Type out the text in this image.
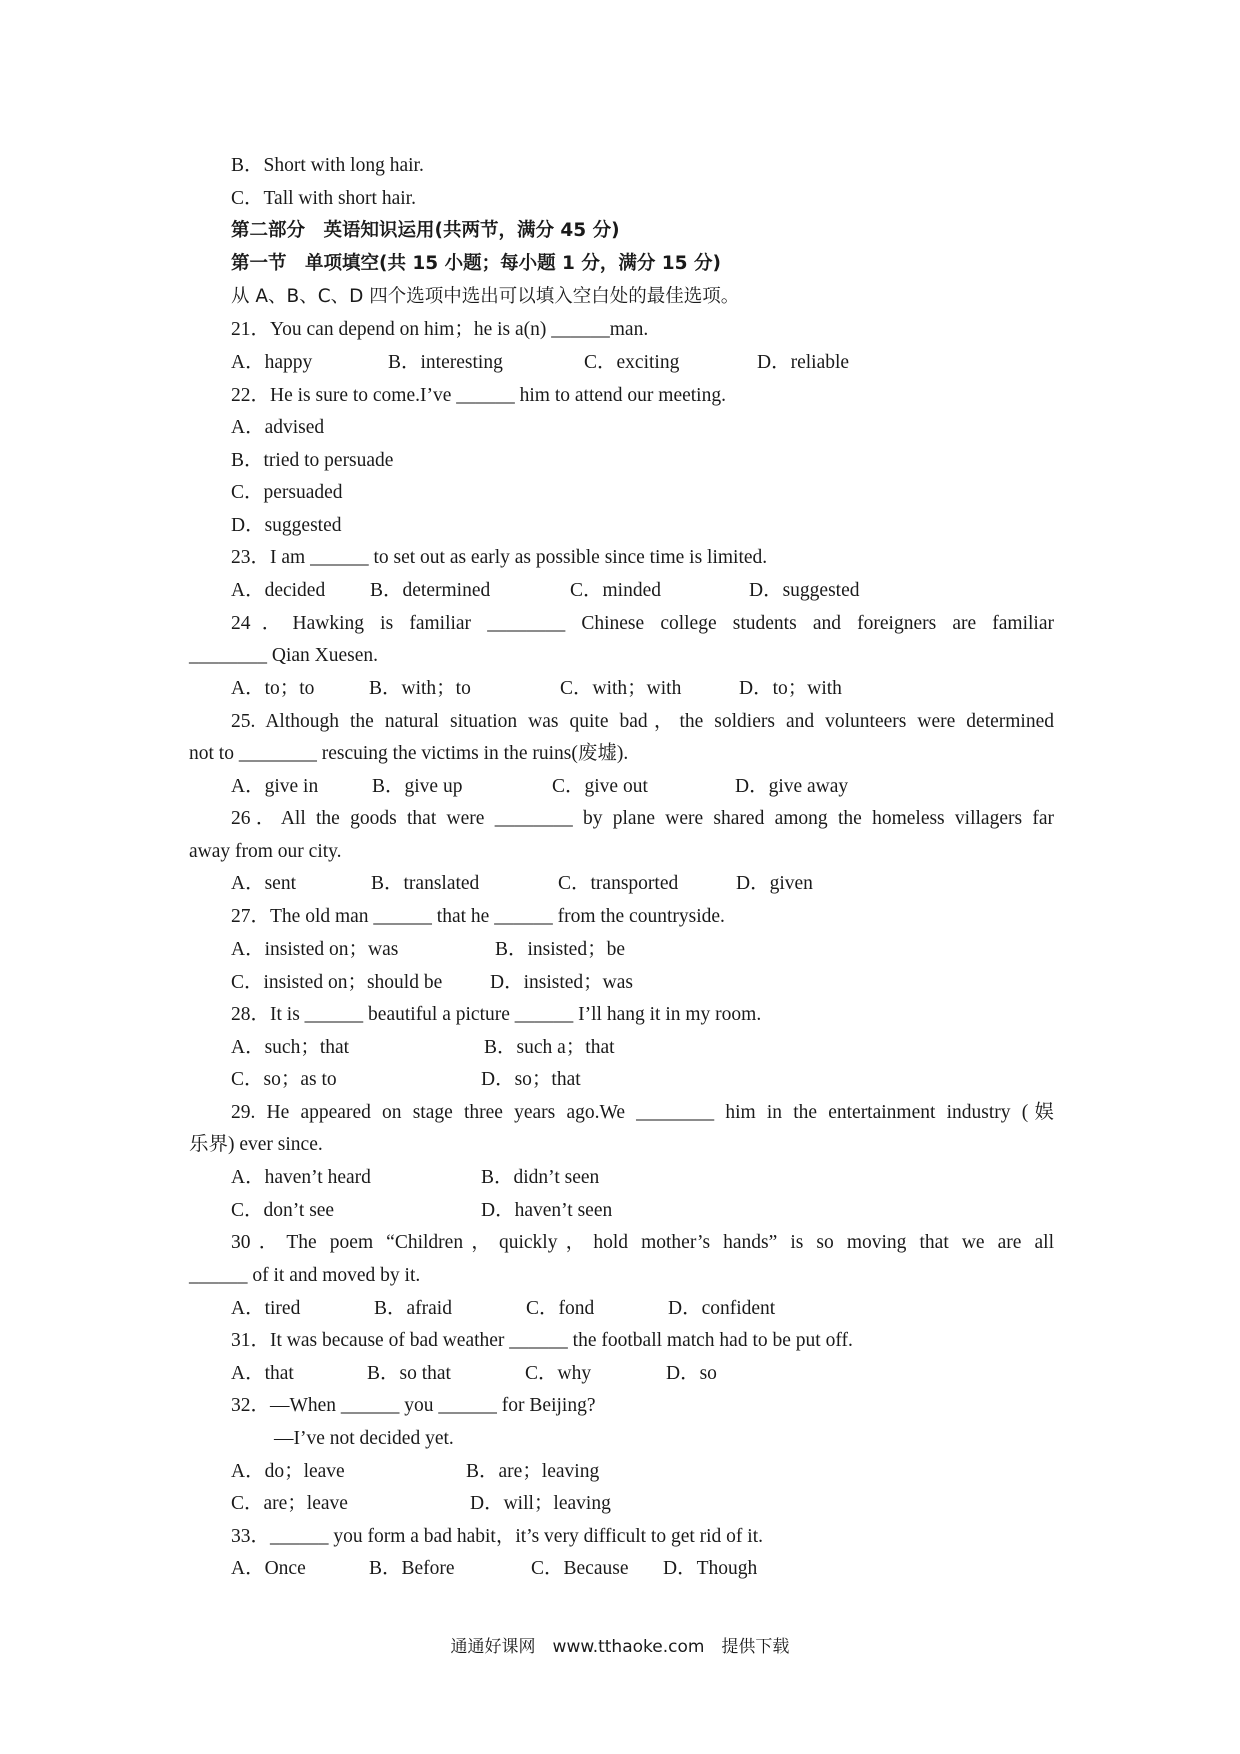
B．Short with long hair.
C．Tall with short hair.
第二部分　英语知识运用(共两节，满分 45 分)
第一节　单项填空(共 15 小题；每小题 1 分，满分 15 分)
从 A、B、C、D 四个选项中选出可以填入空白处的最佳选项。
21．You can depend on him；he is a(n) ______man.
A．happy	B．interesting	C．exciting	D．reliable
22．He is sure to come.I’ve ______ him to attend our meeting.
A．advised
B．tried to persuade
C．persuaded
D．suggested
23．I am ______ to set out as early as possible since time is limited.
A．decided B．determined	C．minded	D．suggested
24．Hawking is familiar ________ Chinese college students and foreigners are familiar
________ Qian Xuesen.
A．to；to	B．with；to	C．with；with	D．to；with
25. Although the natural situation was quite bad，the soldiers and volunteers were determined
not to ________ rescuing the victims in the ruins(废墟).
A．give in	B．give up	C．give out	D．give away
26．All the goods that were ________ by plane were shared among the homeless villagers far
away from our city.
A．sent	B．translated	C．transported	D．given
27．The old man ______ that he ______ from the countryside.
A．insisted on；was	B．insisted；be
C．insisted on；should be D．insisted；was
28．It is ______ beautiful a picture ______ I’ll hang it in my room.
A．such；that	B．such a；that
C．so；as to	D．so；that
29. He appeared on stage three years ago.We ________ him in the entertainment industry (娱
乐界) ever since.
A．haven’t heard	B．didn’t seen
C．don’t see	D．haven’t seen
30．The poem “Children，quickly，hold mother’s hands” is so moving that we are all
______ of it and moved by it.
A．tired	B．afraid	C．fond	D．confident
31．It was because of bad weather ______ the football match had to be put off.
A．that	B．so that	C．why	D．so
32．—When ______ you ______ for Beijing?
—I’ve not decided yet.
A．do；leave	B．are；leaving
C．are；leave	D．will；leaving
33．______ you form a bad habit，it’s very difficult to get rid of it.
A．Once	B．Before	C．Because D．Though
通通好课网　www.tthaoke.com　提供下载
